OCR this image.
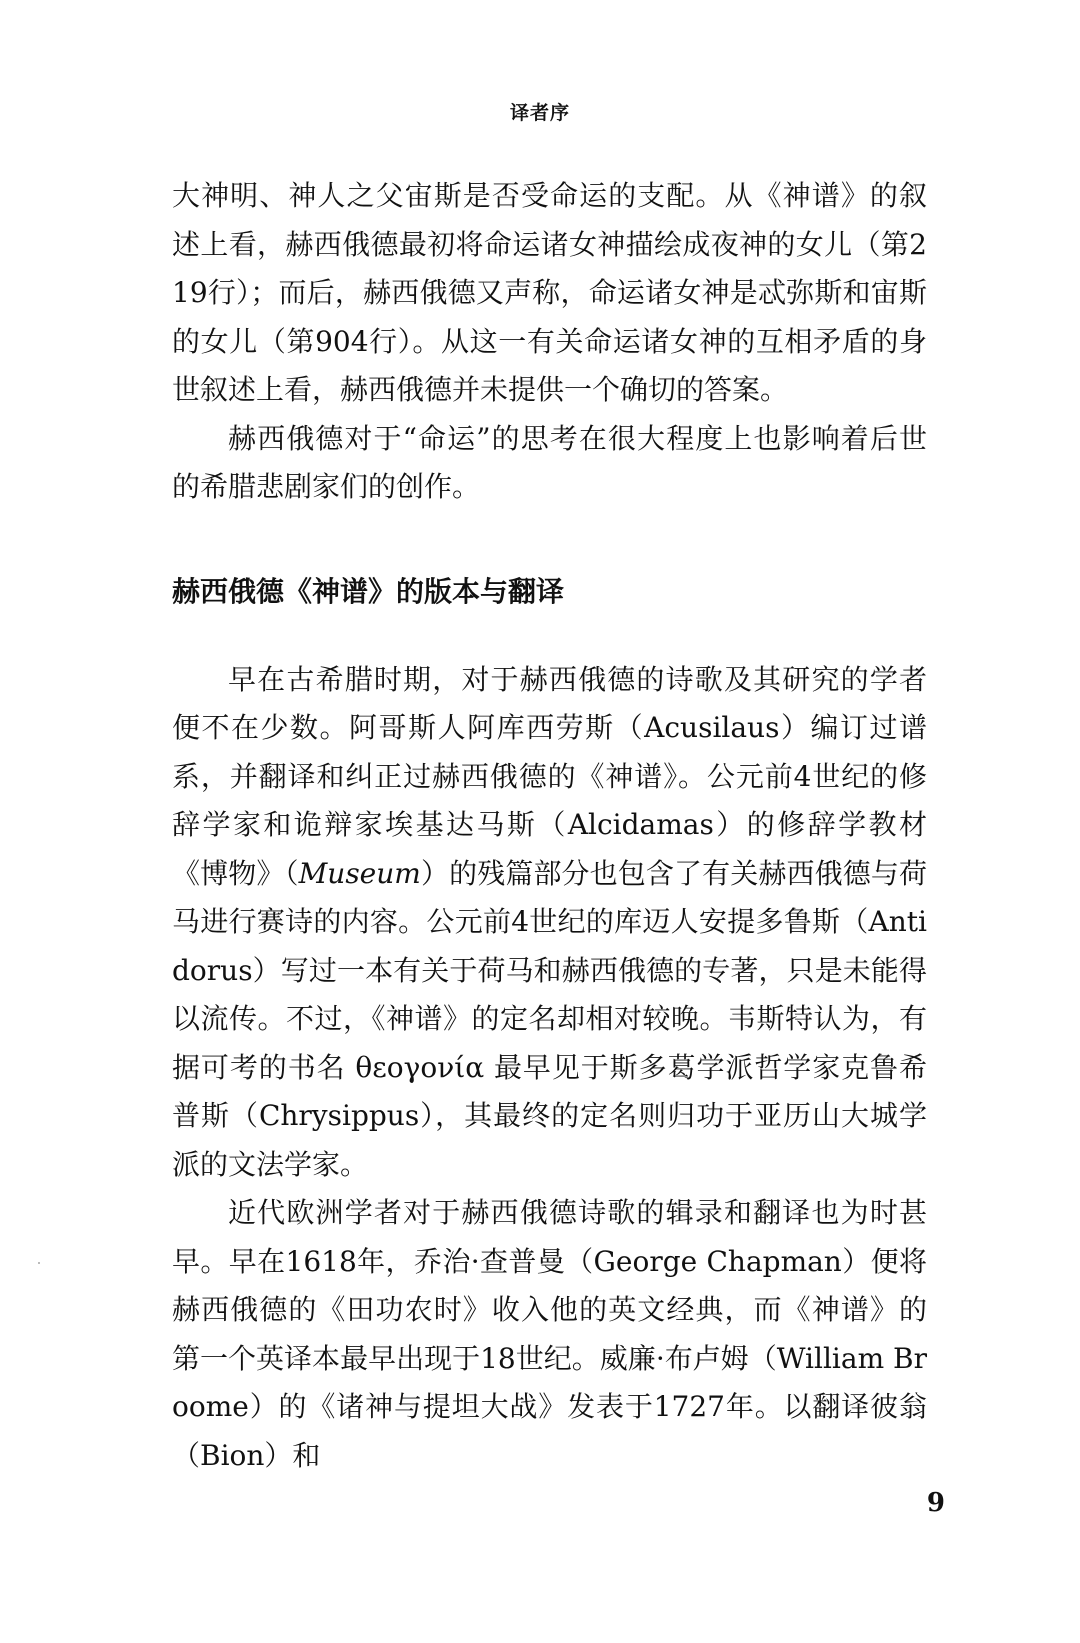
译者序

大神明、神人之父宙斯是否受命运的支配。从《神谱》的叙述上看，赫西俄德最初将命运诸女神描绘成夜神的女儿（第219行）；而后，赫西俄德又声称，命运诸女神是忒弥斯和宙斯的女儿（第904行）。从这一有关命运诸女神的互相矛盾的身世叙述上看，赫西俄德并未提供一个确切的答案。

赫西俄德对于“命运”的思考在很大程度上也影响着后世的希腊悲剧家们的创作。

赫西俄德《神谱》的版本与翻译

早在古希腊时期，对于赫西俄德的诗歌及其研究的学者便不在少数。阿哥斯人阿库西劳斯（Acusilaus）编订过谱系，并翻译和纠正过赫西俄德的《神谱》。公元前4世纪的修辞学家和诡辩家埃基达马斯（Alcidamas）的修辞学教材《博物》（Museum）的残篇部分也包含了有关赫西俄德与荷马进行赛诗的内容。公元前4世纪的库迈人安提多鲁斯（Antidorus）写过一本有关于荷马和赫西俄德的专著，只是未能得以流传。不过，《神谱》的定名却相对较晚。韦斯特认为，有据可考的书名 θεογονία 最早见于斯多葛学派哲学家克鲁希普斯（Chrysippus），其最终的定名则归功于亚历山大城学派的文法学家。

近代欧洲学者对于赫西俄德诗歌的辑录和翻译也为时甚早。早在1618年，乔治·查普曼（George Chapman）便将赫西俄德的《田功农时》收入他的英文经典，而《神谱》的第一个英译本最早出现于18世纪。威廉·布卢姆（William Broome）的《诸神与提坦大战》发表于1727年。以翻译彼翁（Bion）和

9
